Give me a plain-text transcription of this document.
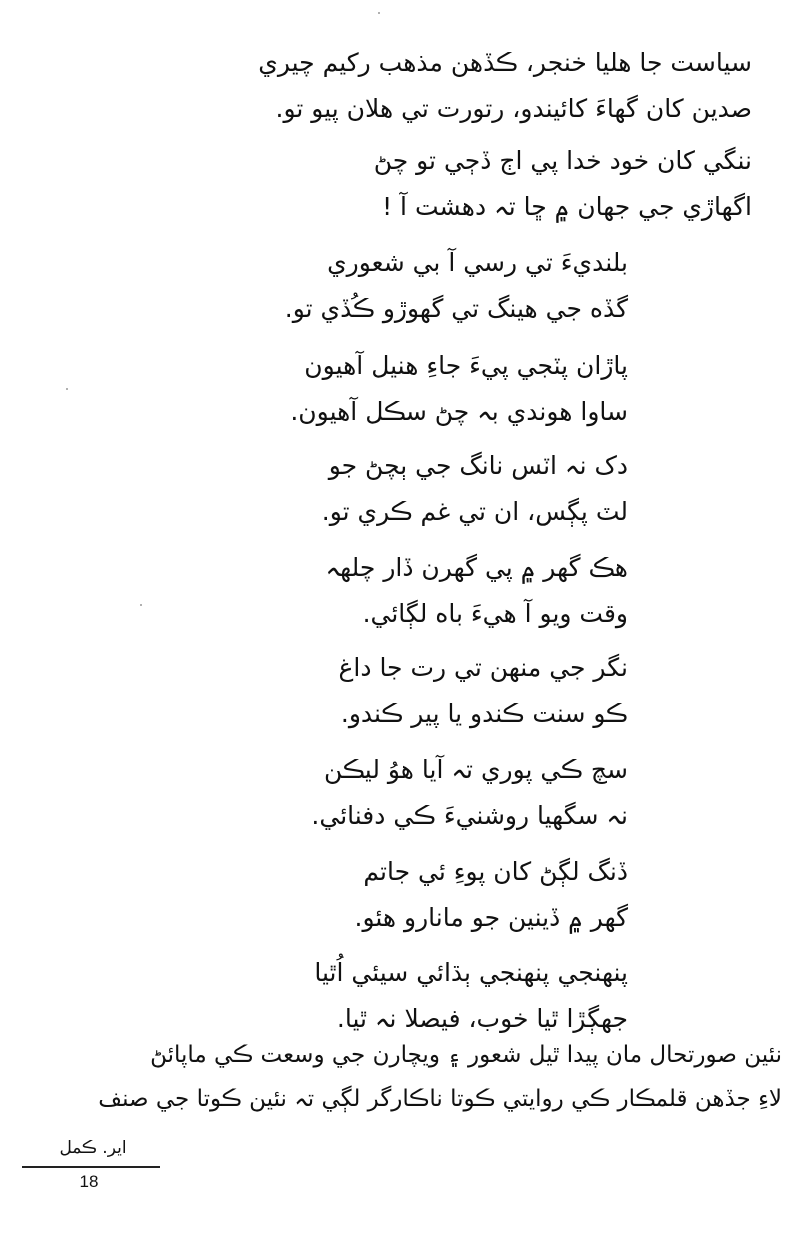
سياست جا هليا خنجر، ڪڏهن مذهب رکيم چيري
صدين کان گهاءَ کائيندو، رتورت تي هلان پيو تو.
ننگي کان خود خدا پي اڄ ڏڄي تو چڻ
اگهاڙي جي جهان ۾ ڇا تہ دهشت آ !
بلنديءَ تي رسي آ بي شعوري
گڏه جي هينگ تي گهوڙو ڪُڏي تو.
پاڙان پٽجي پيءَ جاءِ هنيل آهيون
ساوا هوندي بہ چڻ سڪل آهيون.
دک نہ اٽس نانگ جي ٻچڻ جو
لٽ پڳس، ان تي غم ڪري تو.
هڪ گهر ۾ پي گهرن ڏار چلهہ
وقت ويو آ هيءَ باه لڳائي.
نگر جي منهن تي رت جا داغ
ڪو سنت ڪندو يا پير ڪندو.
سچ ڪي پوري تہ آيا هوُ ليڪن
نہ سگهيا روشنيءَ ڪي دفنائي.
ڏنگ لڳڻ کان پوءِ ئي جاتم
گهر ۾ ڏينين جو مانارو هئو.
پنهنجي پنهنجي ٻڌائي سيئي اُٿيا
جهڳڙا ٿيا خوب، فيصلا نہ ٿيا.
نئين صورتحال مان پيدا ٿيل شعور ۽ ويچارن جي وسعت ڪي ماپائڻ
لاءِ جڏهن قلمڪار ڪي روايتي ڪوتا ناڪارگر لڳي تہ نئين ڪوتا جي صنف
اير. ڪمل
18
